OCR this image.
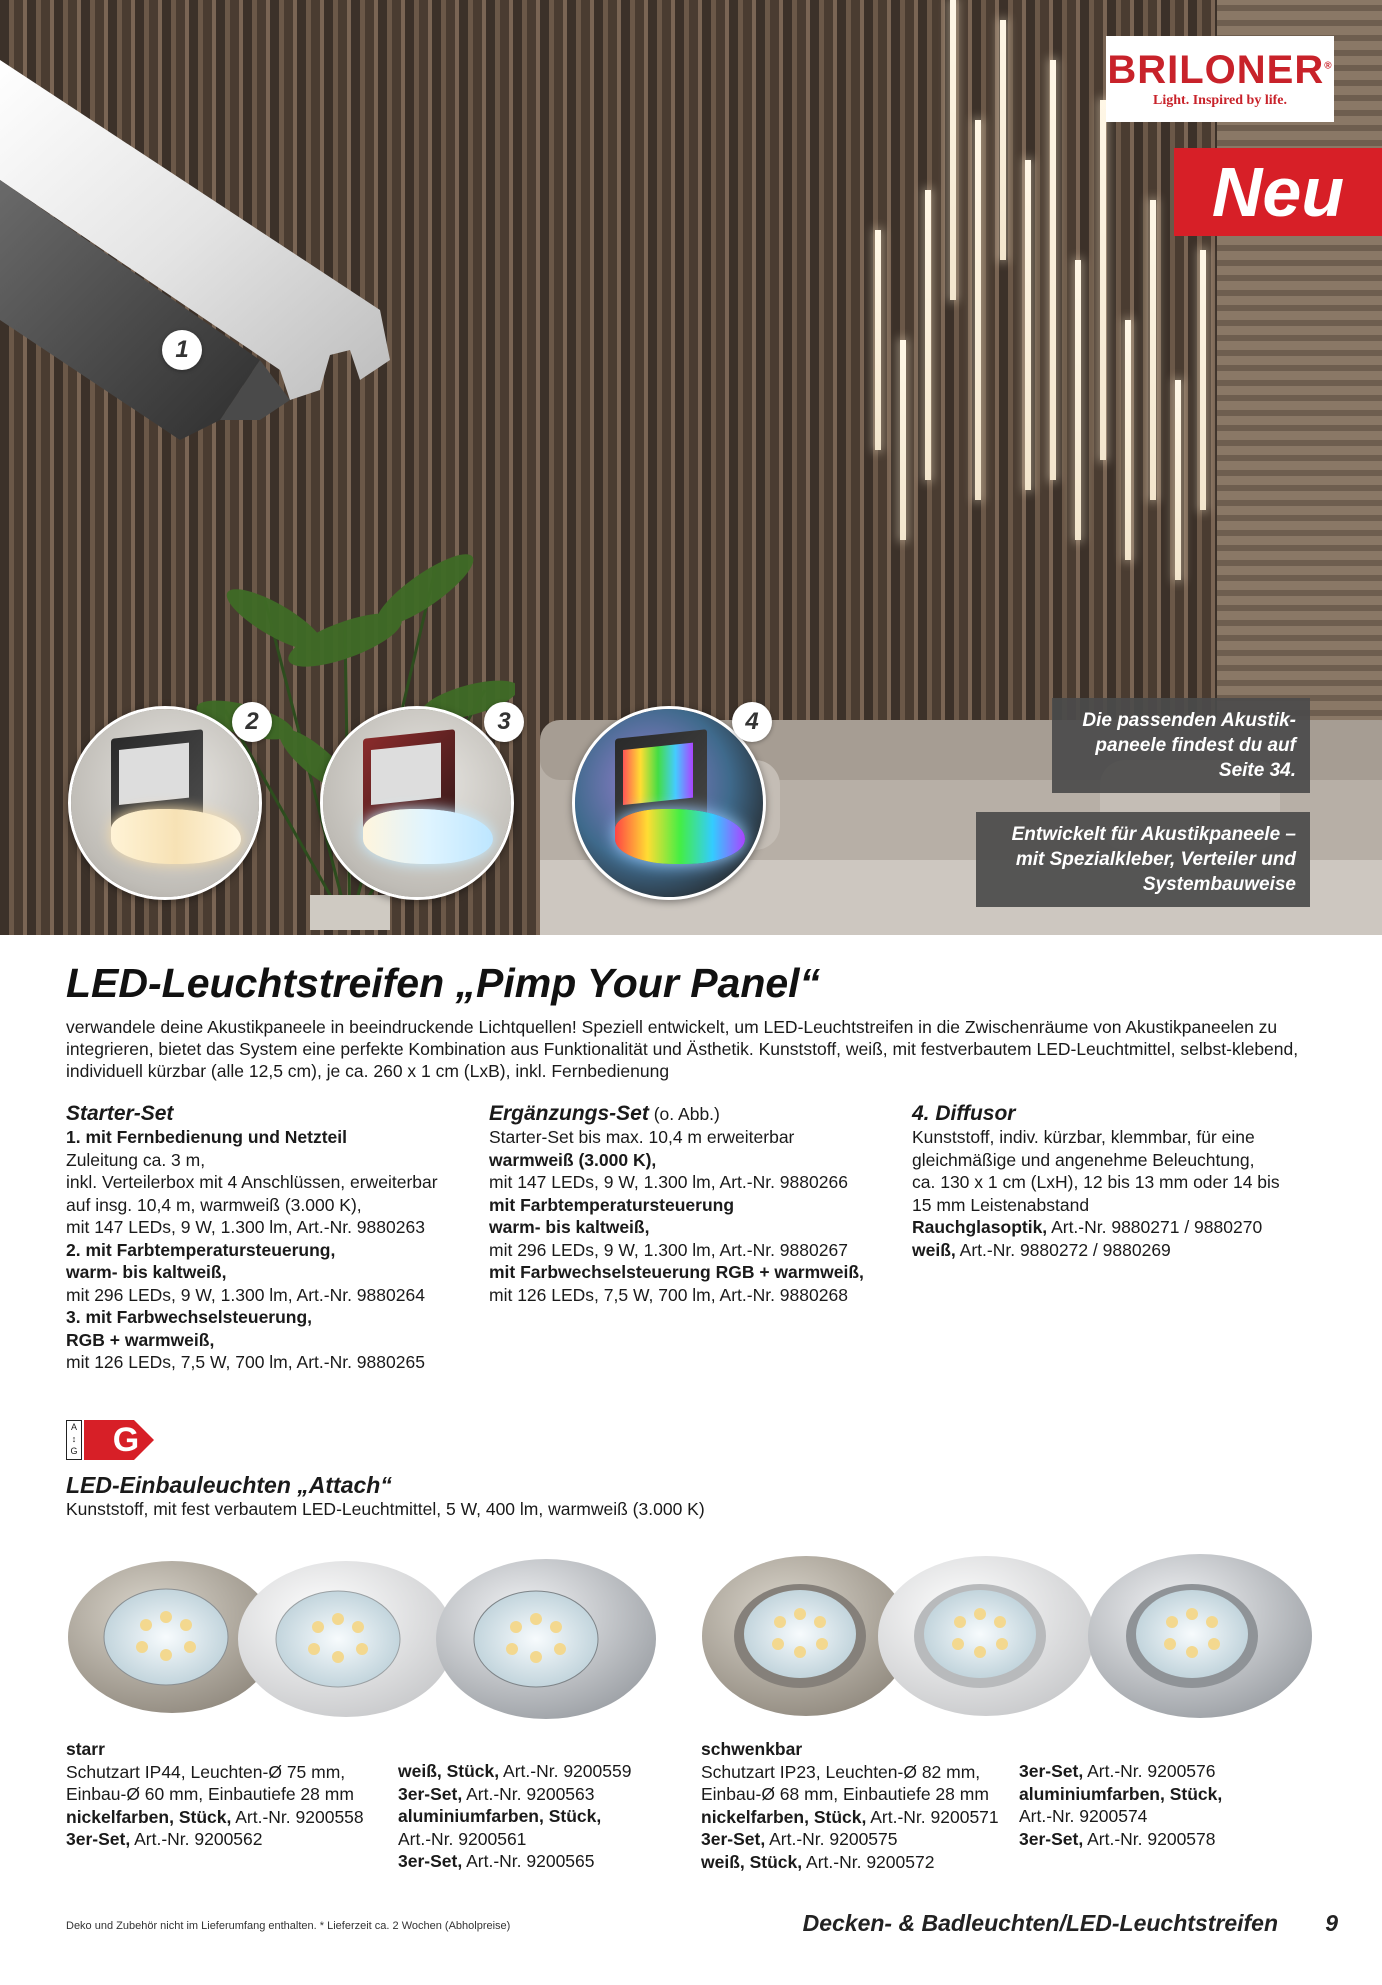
1
2	3	4
BRILONER®
Light. Inspired by life.
Neu
Die passenden Akustik-
paneele findest du auf
Seite 34.
Entwickelt für Akustikpaneele –
mit Spezialkleber, Verteiler und
Systembauweise
LED-Leuchtstreifen „Pimp Your Panel“
verwandele deine Akustikpaneele in beeindruckende Lichtquellen! Speziell entwickelt, um LED-Leuchtstreifen in die Zwischenräume von Akustikpaneelen zu integrieren, bietet das System eine perfekte Kombination aus Funktionalität und Ästhetik. Kunststoff, weiß, mit festverbautem LED-Leuchtmittel, selbst-klebend, individuell kürzbar (alle 12,5 cm), je ca. 260 x 1 cm (LxB), inkl. Fernbedienung
Starter-Set

1. mit Fernbedienung und Netzteil

Zuleitung ca. 3 m,

inkl. Verteilerbox mit 4 Anschlüssen, erweiterbar

auf insg. 10,4 m, warmweiß (3.000 K),

mit 147 LEDs, 9 W, 1.300 lm, Art.-Nr. 9880263

2. mit Farbtemperatursteuerung,

warm- bis kaltweiß,

mit 296 LEDs, 9 W, 1.300 lm, Art.-Nr. 9880264

3. mit Farbwechselsteuerung,

RGB + warmweiß,

mit 126 LEDs, 7,5 W, 700 lm, Art.-Nr. 9880265

Ergänzungs-Set (o. Abb.)

Starter-Set bis max. 10,4 m erweiterbar

warmweiß (3.000 K),

mit 147 LEDs, 9 W, 1.300 lm, Art.-Nr. 9880266

mit Farbtemperatursteuerung

warm- bis kaltweiß,

mit 296 LEDs, 9 W, 1.300 lm, Art.-Nr. 9880267

mit Farbwechselsteuerung RGB + warmweiß,

mit 126 LEDs, 7,5 W, 700 lm, Art.-Nr. 9880268

4. Diffusor

Kunststoff, indiv. kürzbar, klemmbar, für eine

gleichmäßige und angenehme Beleuchtung,

ca. 130 x 1 cm (LxH), 12 bis 13 mm oder 14 bis

15 mm Leistenabstand

Rauchglasoptik, Art.-Nr. 9880271 / 9880270

weiß, Art.-Nr. 9880272 / 9880269

A
↕
G G
LED-Einbauleuchten „Attach“
Kunststoff, mit fest verbautem LED-Leuchtmittel, 5 W, 400 lm, warmweiß (3.000 K)

starr

Schutzart IP44, Leuchten-Ø 75 mm,

Einbau-Ø 60 mm, Einbautiefe 28 mm

nickelfarben, Stück, Art.-Nr. 9200558

3er-Set, Art.-Nr. 9200562

weiß, Stück, Art.-Nr. 9200559

3er-Set, Art.-Nr. 9200563

aluminiumfarben, Stück,

Art.-Nr. 9200561

3er-Set, Art.-Nr. 9200565

schwenkbar

Schutzart IP23, Leuchten-Ø 82 mm,

Einbau-Ø 68 mm, Einbautiefe 28 mm

nickelfarben, Stück, Art.-Nr. 9200571

3er-Set, Art.-Nr. 9200575

weiß, Stück, Art.-Nr. 9200572

3er-Set, Art.-Nr. 9200576

aluminiumfarben, Stück,

Art.-Nr. 9200574

3er-Set, Art.-Nr. 9200578

Deko und Zubehör nicht im Lieferumfang enthalten. * Lieferzeit ca. 2 Wochen (Abholpreise)	Decken- & Badleuchten/LED-Leuchtstreifen 9
